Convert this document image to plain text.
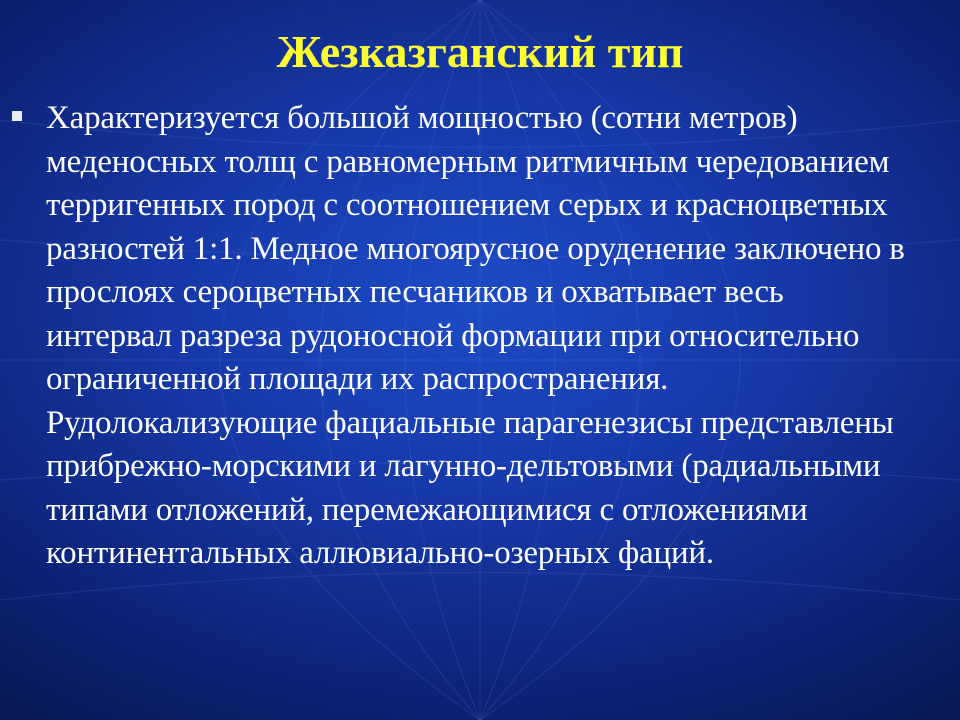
Жезказганский тип

Характеризуется большой мощностью (сотни метров) меденосных толщ с равномерным ритмичным чередованием терригенных пород с соотношением серых и красноцветных разностей 1:1. Медное многоярусное оруденение заключено в прослоях сероцветных песчаников и охватывает весь интервал разреза рудоносной формации при относительно ограниченной площади их распространения. Рудолокализующие фациальные парагенезисы представлены прибрежно-морскими и лагунно-дельтовыми (радиальными типами отложений, перемежающимися с отложениями континентальных аллювиально-озерных фаций.
